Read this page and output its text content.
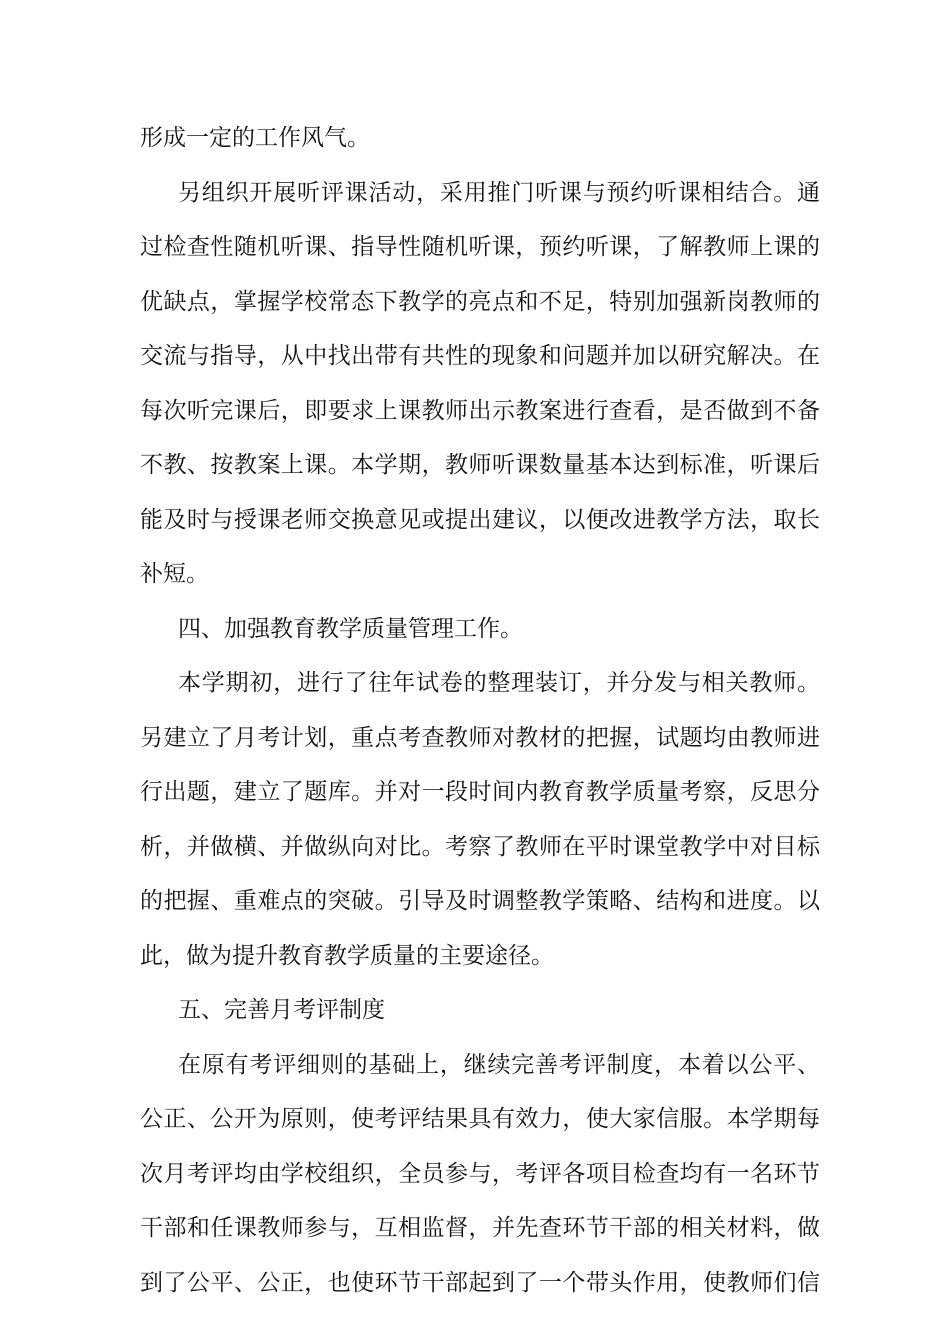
形成一定的工作风气。
另组织开展听评课活动，采用推门听课与预约听课相结合。通
过检查性随机听课、指导性随机听课，预约听课，了解教师上课的
优缺点，掌握学校常态下教学的亮点和不足，特别加强新岗教师的
交流与指导，从中找出带有共性的现象和问题并加以研究解决。在
每次听完课后，即要求上课教师出示教案进行查看，是否做到不备
不教、按教案上课。本学期，教师听课数量基本达到标准，听课后
能及时与授课老师交换意见或提出建议，以便改进教学方法，取长
补短。
四、加强教育教学质量管理工作。
本学期初，进行了往年试卷的整理装订，并分发与相关教师。
另建立了月考计划，重点考查教师对教材的把握，试题均由教师进
行出题，建立了题库。并对一段时间内教育教学质量考察，反思分
析，并做横、并做纵向对比。考察了教师在平时课堂教学中对目标
的把握、重难点的突破。引导及时调整教学策略、结构和进度。以
此，做为提升教育教学质量的主要途径。
五、完善月考评制度
在原有考评细则的基础上，继续完善考评制度，本着以公平、
公正、公开为原则，使考评结果具有效力，使大家信服。本学期每
次月考评均由学校组织，全员参与，考评各项目检查均有一名环节
干部和任课教师参与，互相监督，并先查环节干部的相关材料，做
到了公平、公正，也使环节干部起到了一个带头作用，使教师们信
